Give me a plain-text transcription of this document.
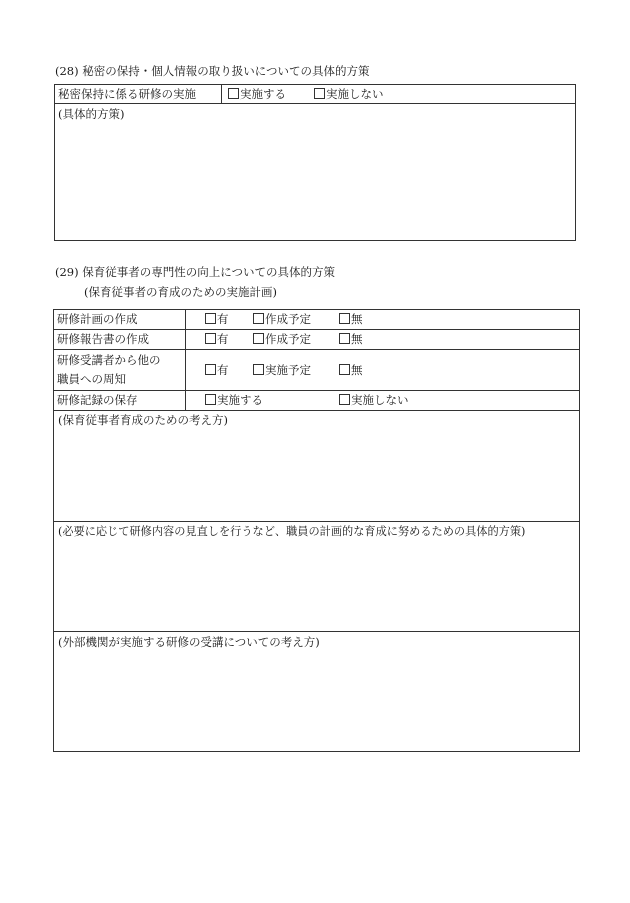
(28) 秘密の保持・個人情報の取り扱いについての具体的方策
秘密保持に係る研修の実施	実施する	実施しない
(具体的方策)
(29) 保育従事者の専門性の向上についての具体的方策
(保育従事者の育成のための実施計画)
研修計画の作成	有	作成予定	無
研修報告書の作成	有	作成予定	無
研修受講者から他の
職員への周知
有	実施予定	無
研修記録の保存	実施する	実施しない
(保育従事者育成のための考え方)
(必要に応じて研修内容の見直しを行うなど、職員の計画的な育成に努めるための具体的方策)
(外部機関が実施する研修の受講についての考え方)
